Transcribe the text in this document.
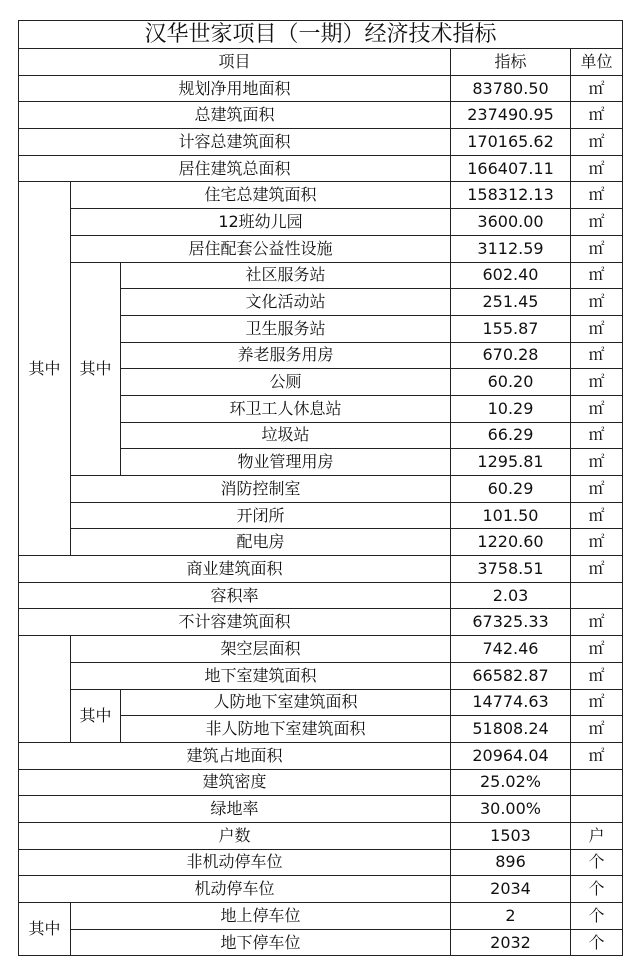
汉华世家项目（一期）经济技术指标				
项目			指标	单位
规划净用地面积			83780.50	㎡
总建筑面积			237490.95	㎡
计容总建筑面积			170165.62	㎡
居住建筑总面积			166407.11	㎡
其中	住宅总建筑面积		158312.13	㎡
	12班幼儿园		3600.00	㎡
	居住配套公益性设施		3112.59	㎡
	其中	社区服务站	602.40	㎡
		文化活动站	251.45	㎡
		卫生服务站	155.87	㎡
		养老服务用房	670.28	㎡
		公厕	60.20	㎡
		环卫工人休息站	10.29	㎡
		垃圾站	66.29	㎡
		物业管理用房	1295.81	㎡
	消防控制室		60.29	㎡
	开闭所		101.50	㎡
	配电房		1220.60	㎡
商业建筑面积			3758.51	㎡
容积率			2.03	
不计容建筑面积			67325.33	㎡
	架空层面积		742.46	㎡
	地下室建筑面积		66582.87	㎡
	其中	人防地下室建筑面积	14774.63	㎡
		非人防地下室建筑面积	51808.24	㎡
建筑占地面积			20964.04	㎡
建筑密度			25.02%	
绿地率			30.00%	
户数			1503	户
非机动停车位			896	个
机动停车位			2034	个
其中	地上停车位		2	个
	地下停车位		2032	个
